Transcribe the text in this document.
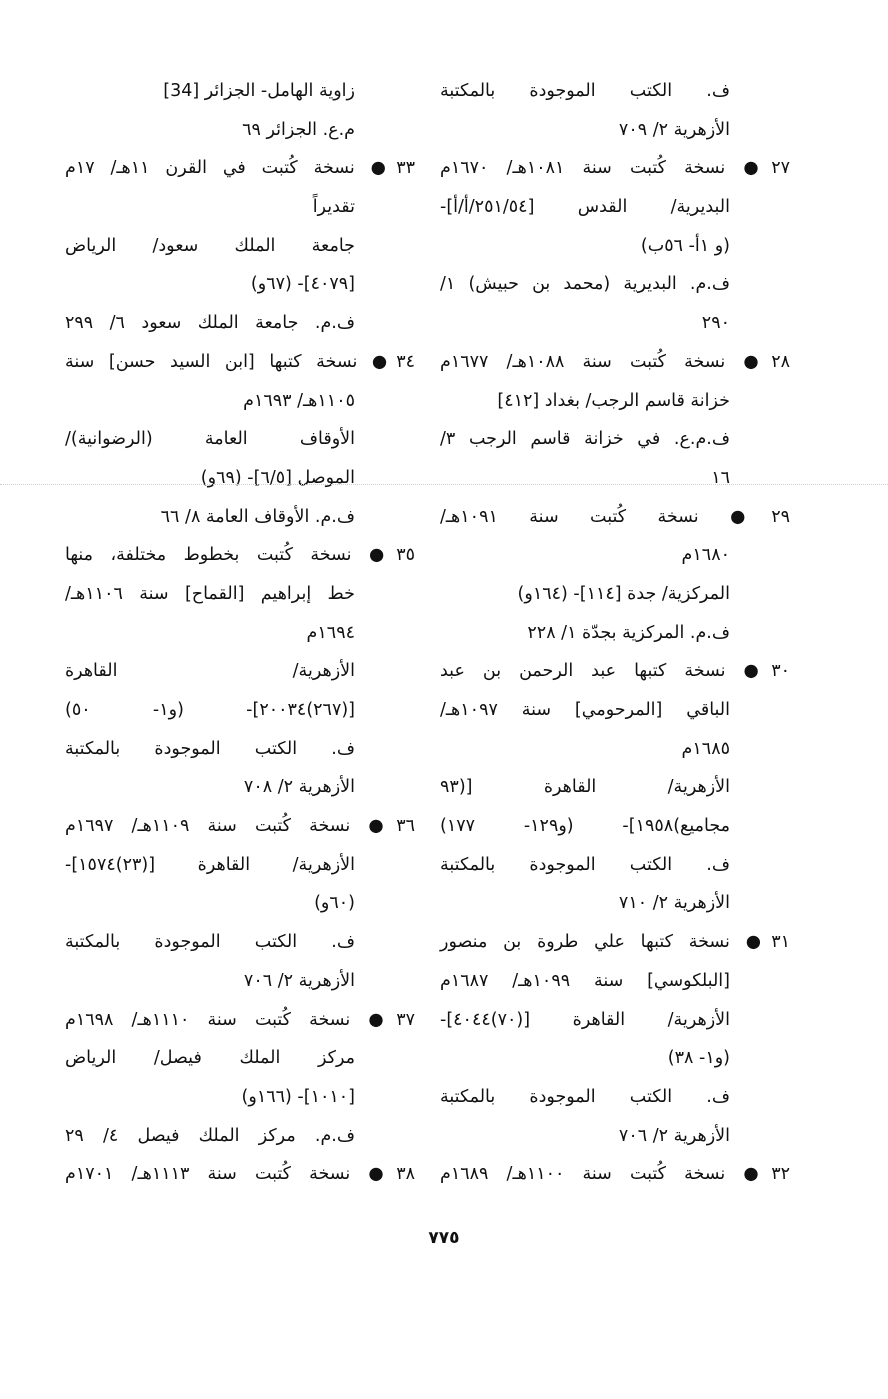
ف. الكتب الموجودة بالمكتبة
الأزهرية ٢/ ٧٠٩
٢٧● نسخة كُتبت سنة ١٠٨١هـ/ ١٦٧٠م
البديرية/ القدس [٢٥١/٥٤/أ/أ]-
(و ١أ- ٥٦ب)
ف.م. البديرية (محمد بن حبيش) ١/
٢٩٠
٢٨● نسخة كُتبت سنة ١٠٨٨هـ/ ١٦٧٧م
خزانة قاسم الرجب/ بغداد [٤١٢]
ف.م.ع. في خزانة قاسم الرجب ٣/
١٦
٢٩● نسخة كُتبت سنة ١٠٩١هـ/
١٦٨٠م
المركزية/ جدة [١١٤]- (١٦٤و)
ف.م. المركزية بجدّة ١/ ٢٢٨
٣٠● نسخة كتبها عبد الرحمن بن عبد
الباقي [المرحومي] سنة ١٠٩٧هـ/
١٦٨٥م
الأزهرية/ القاهرة [(٩٣
مجاميع)١٩٥٨]- (و١٢٩- ١٧٧)
ف. الكتب الموجودة بالمكتبة
الأزهرية ٢/ ٧١٠
٣١● نسخة كتبها علي طروة بن منصور
[البلكوسي] سنة ١٠٩٩هـ/ ١٦٨٧م
الأزهرية/ القاهرة [(٧٠)٤٠٤٤]-
(و١- ٣٨)
ف. الكتب الموجودة بالمكتبة
الأزهرية ٢/ ٧٠٦
٣٢● نسخة كُتبت سنة ١١٠٠هـ/ ١٦٨٩م
زاوية الهامل- الجزائر [34]
م.ع. الجزائر ٦٩
٣٣● نسخة كُتبت في القرن ١١هـ/ ١٧م
تقديراً
جامعة الملك سعود/ الرياض
[٤٠٧٩]- (٦٧و)
ف.م. جامعة الملك سعود ٦/ ٢٩٩
٣٤● نسخة كتبها [ابن السيد حسن] سنة
١١٠٥هـ/ ١٦٩٣م
الأوقاف العامة (الرضوانية)/
الموصل [٦/٥]- (٦٩و)
ف.م. الأوقاف العامة ٨/ ٦٦
٣٥● نسخة كُتبت بخطوط مختلفة، منها
خط إبراهيم [القماح] سنة ١١٠٦هـ/
١٦٩٤م
الأزهرية/ القاهرة
[(٢٦٧)٢٠٠٣٤]- (و١- ٥٠)
ف. الكتب الموجودة بالمكتبة
الأزهرية ٢/ ٧٠٨
٣٦● نسخة كُتبت سنة ١١٠٩هـ/ ١٦٩٧م
الأزهرية/ القاهرة [(٢٣)١٥٧٤]-
(٦٠و)
ف. الكتب الموجودة بالمكتبة
الأزهرية ٢/ ٧٠٦
٣٧● نسخة كُتبت سنة ١١١٠هـ/ ١٦٩٨م
مركز الملك فيصل/ الرياض
[١٠١٠]- (١٦٦و)
ف.م. مركز الملك فيصل ٤/ ٢٩
٣٨● نسخة كُتبت سنة ١١١٣هـ/ ١٧٠١م
٧٧٥
